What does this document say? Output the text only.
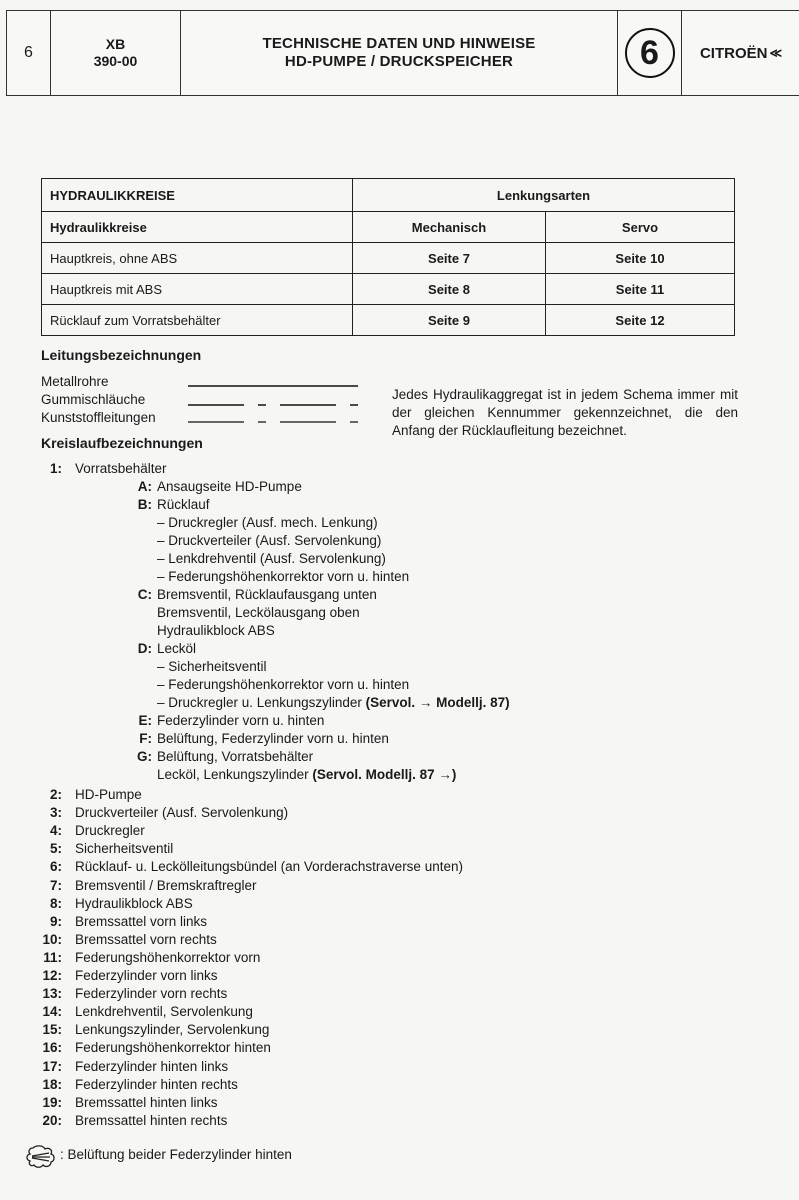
6	XB
390-00
TECHNISCHE DATEN UND HINWEISE
HD-PUMPE / DRUCKSPEICHER	6	CITROËN ≪
HYDRAULIKKREISE	Lenkungsarten	
Hydraulikkreise	Mechanisch	Servo
Hauptkreis, ohne ABS	Seite 7	Seite 10
Hauptkreis mit ABS	Seite 8	Seite 11
Rücklauf zum Vorratsbehälter	Seite 9	Seite 12
Leitungsbezeichnungen
Metallrohre
Gummischläuche
Kunststoffleitungen
Jedes Hydraulikaggregat ist in jedem Schema immer mit der gleichen Kennummer gekennzeichnet, die den Anfang der Rücklaufleitung bezeichnet.
Kreislaufbezeichnungen
1: Vorratsbehälter
A: Ansaugseite HD-Pumpe
B: Rücklauf
– Druckregler (Ausf. mech. Lenkung)
– Druckverteiler (Ausf. Servolenkung)
– Lenkdrehventil (Ausf. Servolenkung)
– Federungshöhenkorrektor vorn u. hinten
C: Bremsventil, Rücklaufausgang unten
Bremsventil, Leckölausgang oben
Hydraulikblock ABS
D: Lecköl
– Sicherheitsventil
– Federungshöhenkorrektor vorn u. hinten
– Druckregler u. Lenkungszylinder (Servol. → Modellj. 87)
E: Federzylinder vorn u. hinten
F: Belüftung, Federzylinder vorn u. hinten
G: Belüftung, Vorratsbehälter
Lecköl, Lenkungszylinder (Servol. Modellj. 87 →)
2: HD-Pumpe
3: Druckverteiler (Ausf. Servolenkung)
4: Druckregler
5: Sicherheitsventil
6: Rücklauf- u. Leckölleitungsbündel (an Vorderachstraverse unten)
7: Bremsventil / Bremskraftregler
8: Hydraulikblock ABS
9: Bremssattel vorn links
10: Bremssattel vorn rechts
11: Federungshöhenkorrektor vorn
12: Federzylinder vorn links
13: Federzylinder vorn rechts
14: Lenkdrehventil, Servolenkung
15: Lenkungszylinder, Servolenkung
16: Federungshöhenkorrektor hinten
17: Federzylinder hinten links
18: Federzylinder hinten rechts
19: Bremssattel hinten links
20: Bremssattel hinten rechts
: Belüftung beider Federzylinder hinten
